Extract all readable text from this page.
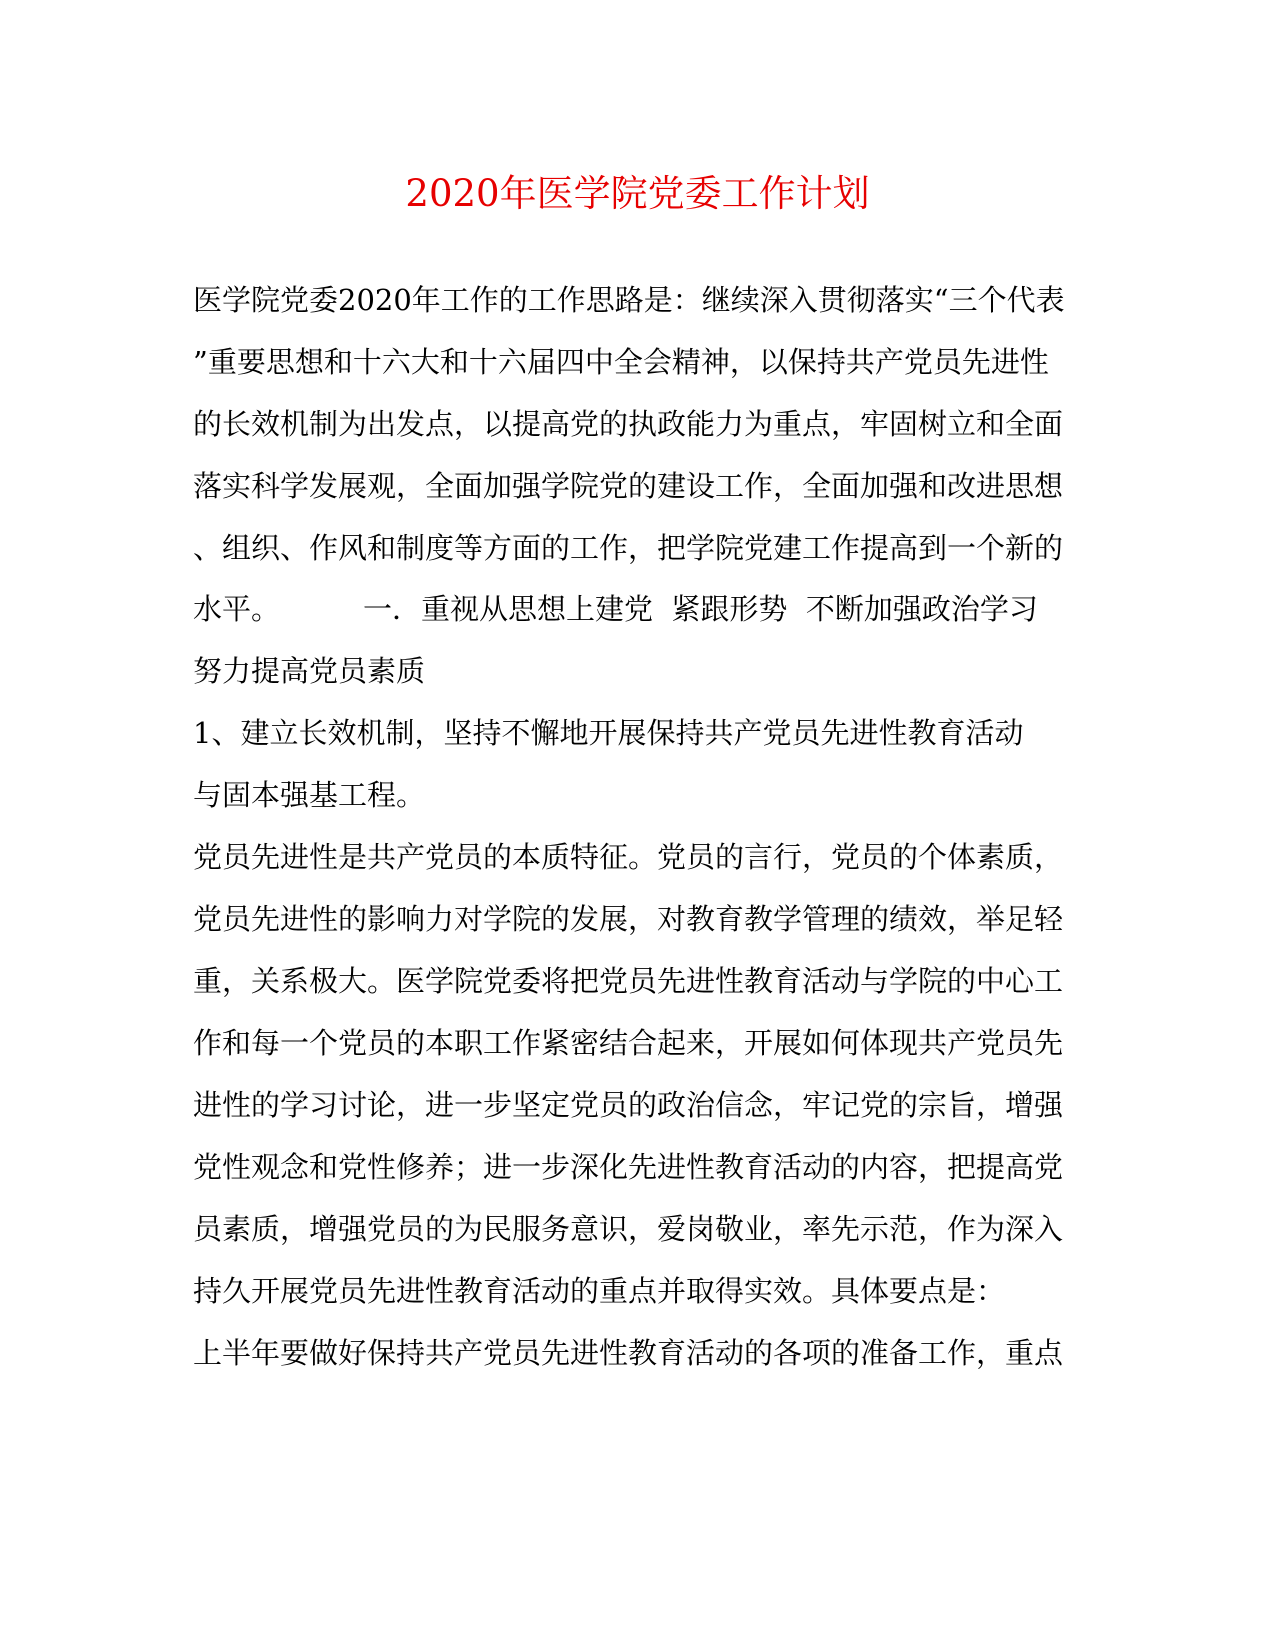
2020年医学院党委工作计划
医学院党委2020年工作的工作思路是：继续深入贯彻落实“三个代表
”重要思想和十六大和十六届四中全会精神，以保持共产党员先进性
的长效机制为出发点，以提高党的执政能力为重点，牢固树立和全面
落实科学发展观，全面加强学院党的建设工作，全面加强和改进思想
、组织、作风和制度等方面的工作，把学院党建工作提高到一个新的
水平。         一．重视从思想上建党  紧跟形势  不断加强政治学习
努力提高党员素质
1、建立长效机制，坚持不懈地开展保持共产党员先进性教育活动
与固本强基工程。
党员先进性是共产党员的本质特征。党员的言行，党员的个体素质，
党员先进性的影响力对学院的发展，对教育教学管理的绩效，举足轻
重，关系极大。医学院党委将把党员先进性教育活动与学院的中心工
作和每一个党员的本职工作紧密结合起来，开展如何体现共产党员先
进性的学习讨论，进一步坚定党员的政治信念，牢记党的宗旨，增强
党性观念和党性修养；进一步深化先进性教育活动的内容，把提高党
员素质，增强党员的为民服务意识，爱岗敬业，率先示范，作为深入
持久开展党员先进性教育活动的重点并取得实效。具体要点是：
上半年要做好保持共产党员先进性教育活动的各项的准备工作，重点
